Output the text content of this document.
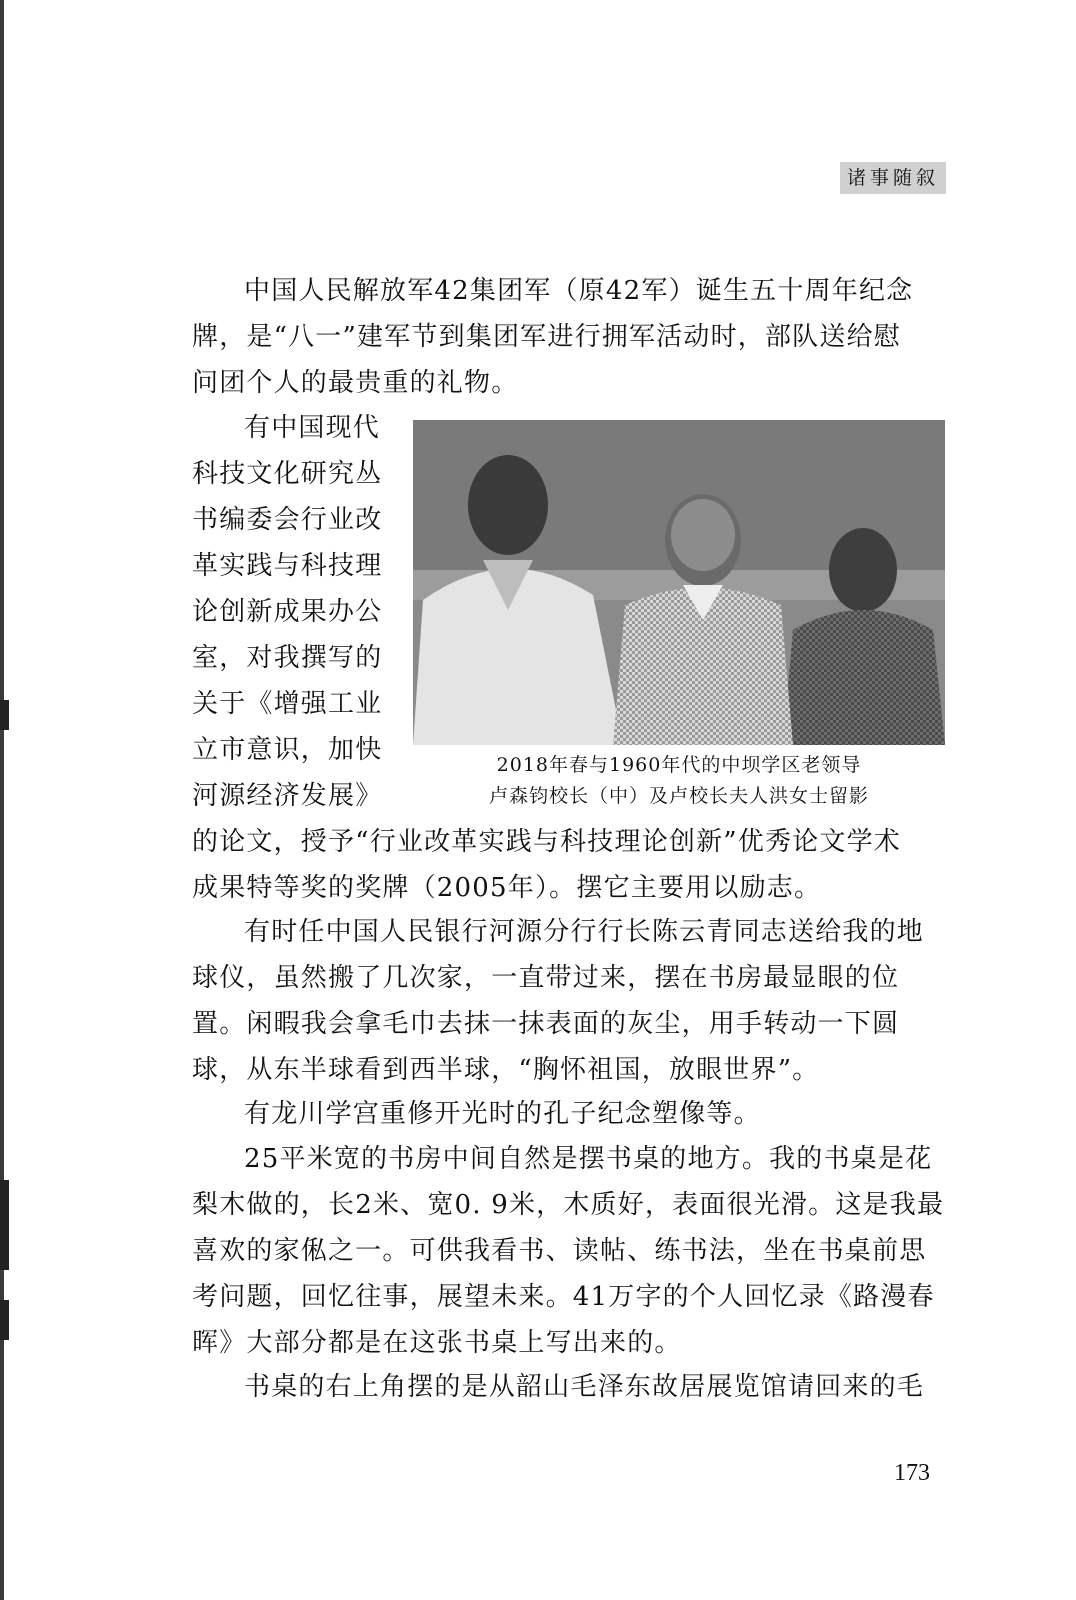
诸事随叙
中国人民解放军42集团军（原42军）诞生五十周年纪念
牌，是“八一”建军节到集团军进行拥军活动时，部队送给慰
问团个人的最贵重的礼物。
有中国现代
科技文化研究丛
书编委会行业改
革实践与科技理
论创新成果办公
室，对我撰写的
关于《增强工业
立市意识，加快
河源经济发展》
2018年春与1960年代的中坝学区老领导
卢森钧校长（中）及卢校长夫人洪女士留影
的论文，授予“行业改革实践与科技理论创新”优秀论文学术
成果特等奖的奖牌（2005年）。摆它主要用以励志。
有时任中国人民银行河源分行行长陈云青同志送给我的地
球仪，虽然搬了几次家，一直带过来，摆在书房最显眼的位
置。闲暇我会拿毛巾去抹一抹表面的灰尘，用手转动一下圆
球，从东半球看到西半球，“胸怀祖国，放眼世界”。
有龙川学宫重修开光时的孔子纪念塑像等。
25平米宽的书房中间自然是摆书桌的地方。我的书桌是花
梨木做的，长2米、宽0. 9米，木质好，表面很光滑。这是我最
喜欢的家俬之一。可供我看书、读帖、练书法，坐在书桌前思
考问题，回忆往事，展望未来。41万字的个人回忆录《路漫春
晖》大部分都是在这张书桌上写出来的。
书桌的右上角摆的是从韶山毛泽东故居展览馆请回来的毛
173
